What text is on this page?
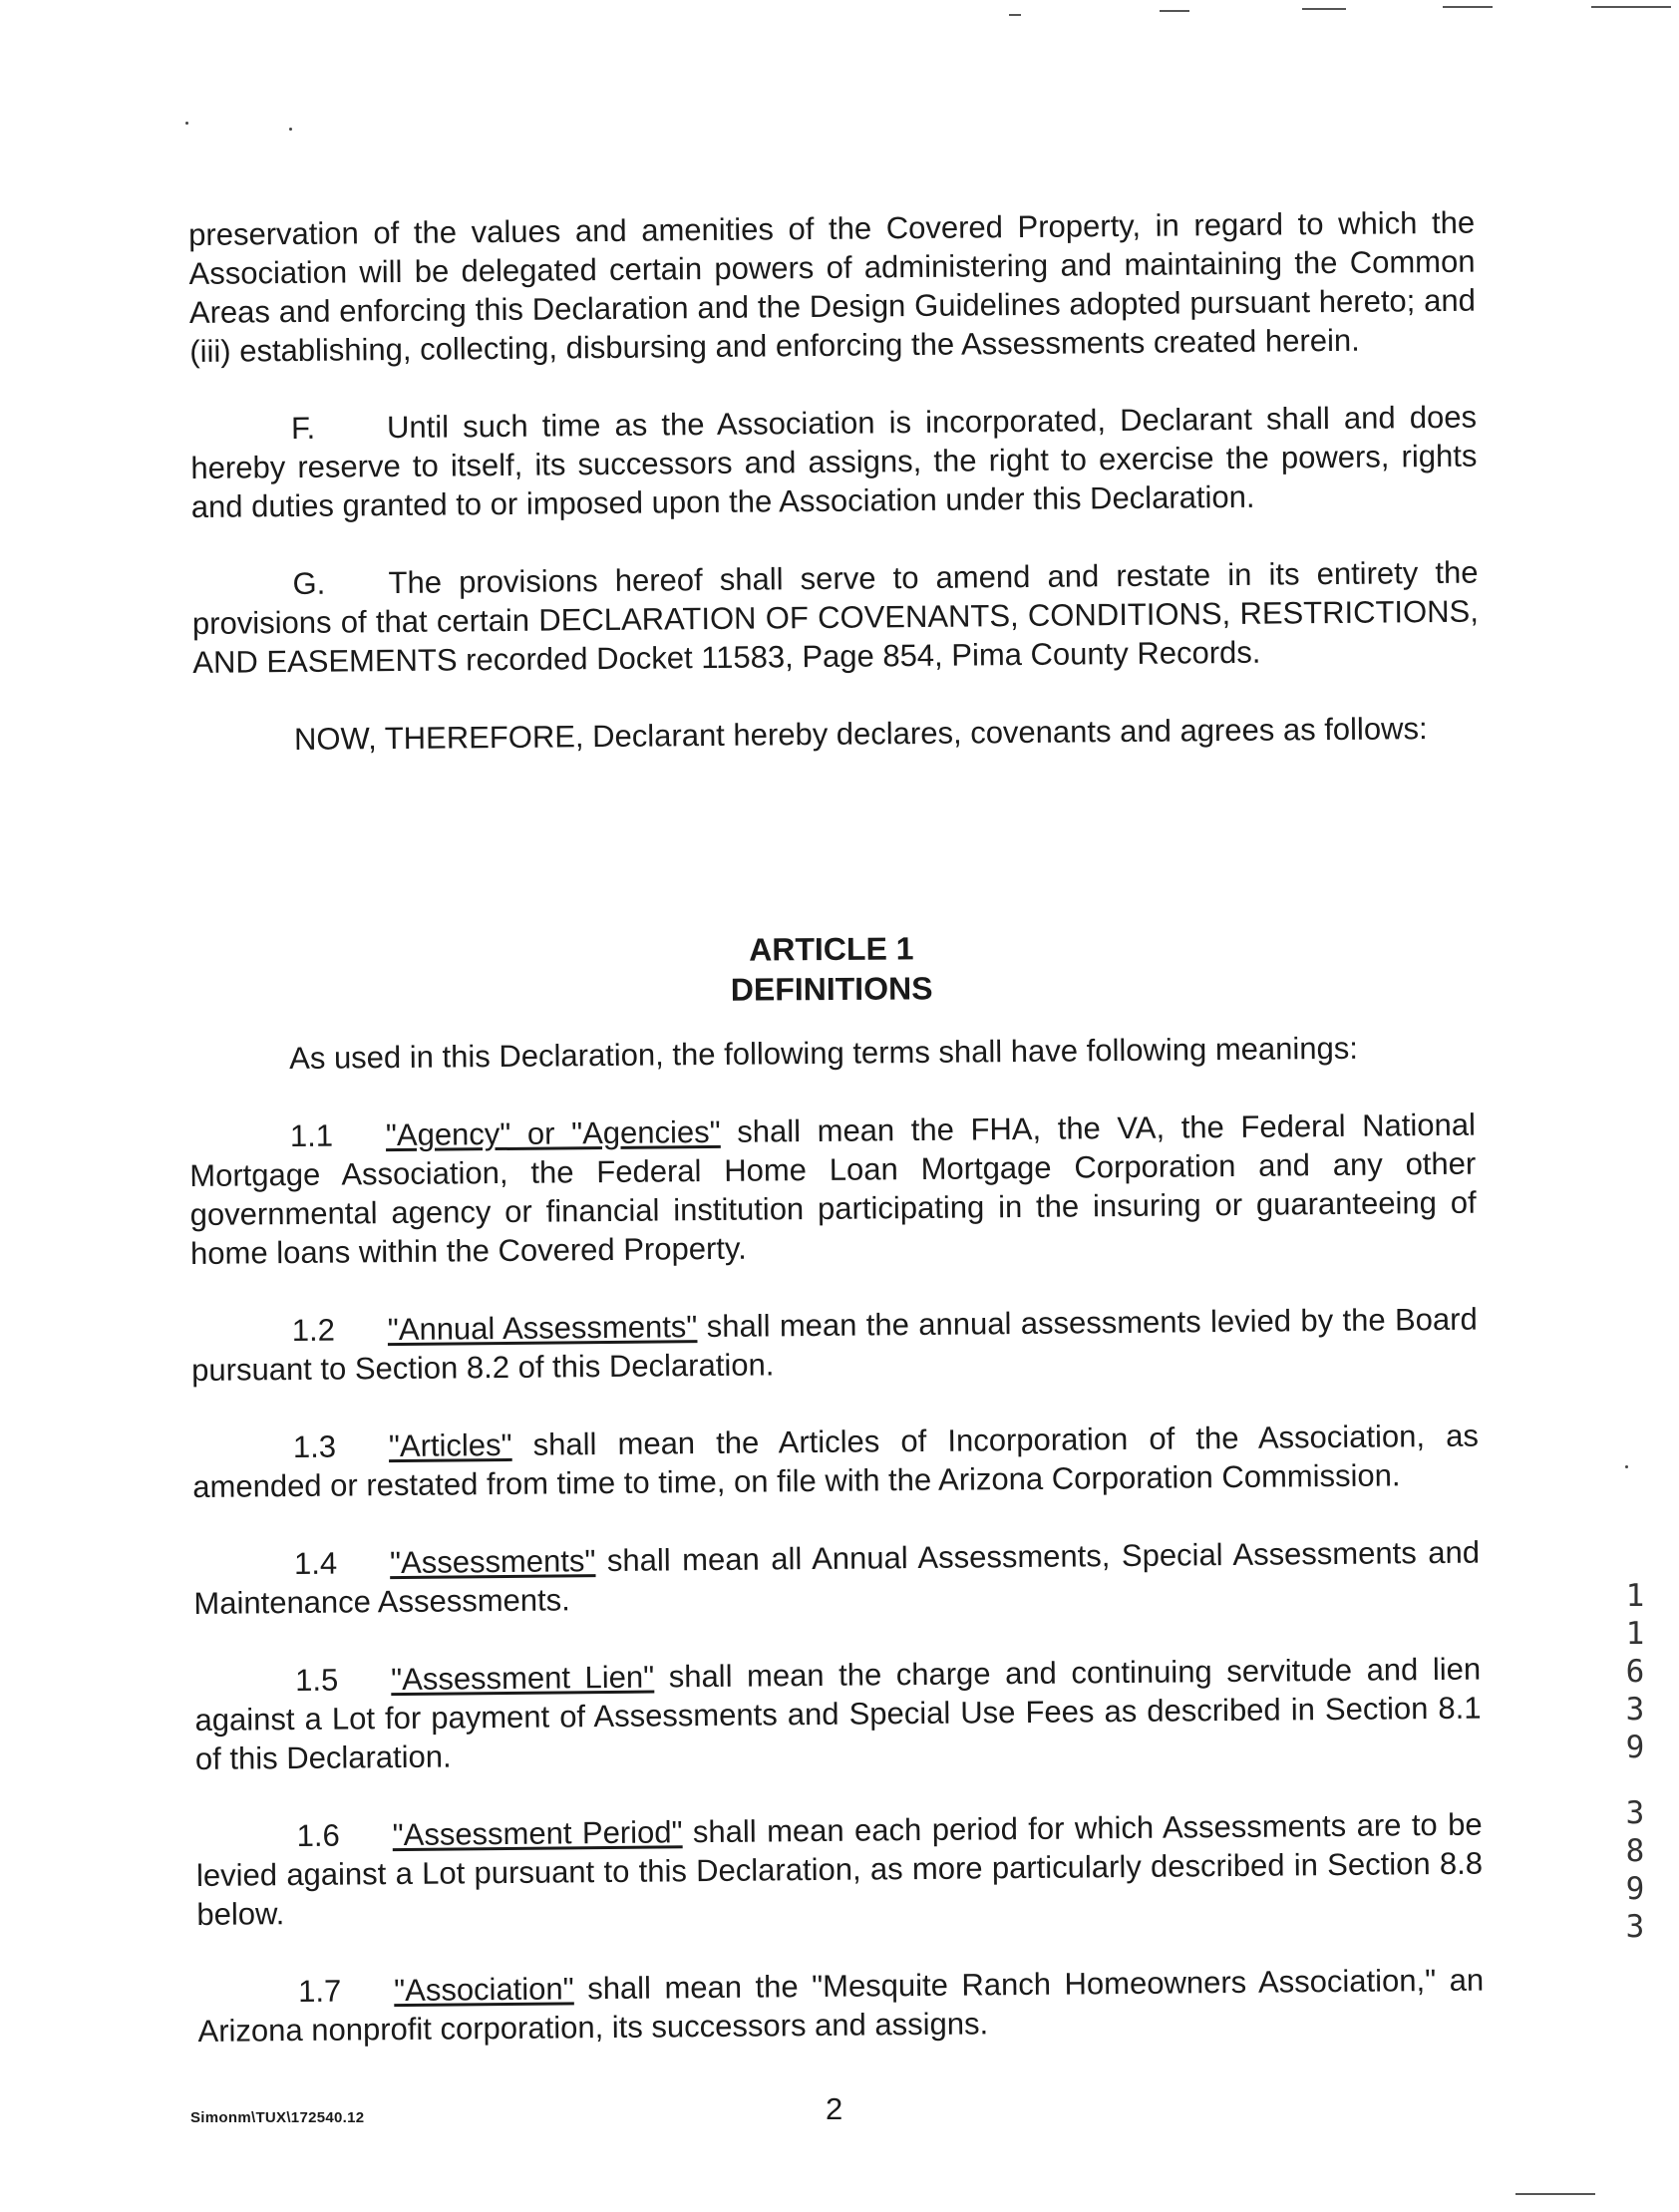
preservation of the values and amenities of the Covered Property, in regard to which the Association will be delegated certain powers of administering and maintaining the Common Areas and enforcing this Declaration and the Design Guidelines adopted pursuant hereto; and (iii) establishing, collecting, disbursing and enforcing the Assessments created herein.

F. Until such time as the Association is incorporated, Declarant shall and does hereby reserve to itself, its successors and assigns, the right to exercise the powers, rights and duties granted to or imposed upon the Association under this Declaration.

G. The provisions hereof shall serve to amend and restate in its entirety the provisions of that certain DECLARATION OF COVENANTS, CONDITIONS, RESTRICTIONS, AND EASEMENTS recorded Docket 11583, Page 854, Pima County Records.

NOW, THEREFORE, Declarant hereby declares, covenants and agrees as follows:

ARTICLE 1
DEFINITIONS

As used in this Declaration, the following terms shall have following meanings:

1.1 "Agency" or "Agencies" shall mean the FHA, the VA, the Federal National Mortgage Association, the Federal Home Loan Mortgage Corporation and any other governmental agency or financial institution participating in the insuring or guaranteeing of home loans within the Covered Property.

1.2 "Annual Assessments" shall mean the annual assessments levied by the Board pursuant to Section 8.2 of this Declaration.

1.3 "Articles" shall mean the Articles of Incorporation of the Association, as amended or restated from time to time, on file with the Arizona Corporation Commission.

1.4 "Assessments" shall mean all Annual Assessments, Special Assessments and Maintenance Assessments.

1.5 "Assessment Lien" shall mean the charge and continuing servitude and lien against a Lot for payment of Assessments and Special Use Fees as described in Section 8.1 of this Declaration.

1.6 "Assessment Period" shall mean each period for which Assessments are to be levied against a Lot pursuant to this Declaration, as more particularly described in Section 8.8 below.

1.7 "Association" shall mean the "Mesquite Ranch Homeowners Association," an Arizona nonprofit corporation, its successors and assigns.

1
1
6
3
9
3
8
9
3
2
Simonm\TUX\172540.12
